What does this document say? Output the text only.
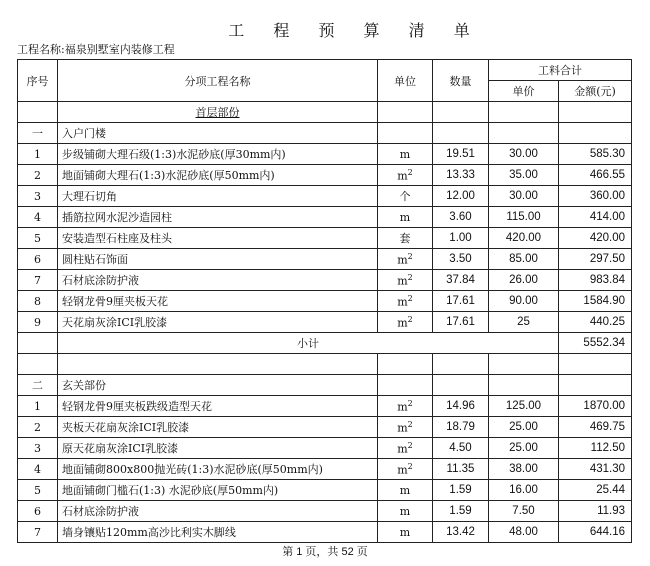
工 程 预 算 清 单
工程名称:福泉别墅室内装修工程
序号	分项工程名称	单位	数量	工料合计	
				单价	金额(元)
	首层部份				
一	入户门楼				
1	步级铺砌大理石级(1:3)水泥砂底(厚30mm内)	m	19.51	30.00	585.30
2	地面铺砌大理石(1:3)水泥砂底(厚50mm内)	$m^2$	13.33	35.00	466.55
3	大理石切角	个	12.00	30.00	360.00
4	插筋拉网水泥沙造园柱	m	3.60	115.00	414.00
5	安装造型石柱座及柱头	套	1.00	420.00	420.00
6	圆柱贴石饰面	$m^2$	3.50	85.00	297.50
7	石材底涂防护液	$m^2$	37.84	26.00	983.84
8	轻钢龙骨9厘夹板天花	$m^2$	17.61	90.00	1584.90
9	天花扇灰涂ICI乳胶漆	$m^2$	17.61	25	440.25
	小计				5552.34

二	玄关部份				
1	轻钢龙骨9厘夹板跌级造型天花	$m^2$	14.96	125.00	1870.00
2	夹板天花扇灰涂ICI乳胶漆	$m^2$	18.79	25.00	469.75
3	原天花扇灰涂ICI乳胶漆	$m^2$	4.50	25.00	112.50
4	地面铺砌800x800抛光砖(1:3)水泥砂底(厚50mm内)	$m^2$	11.35	38.00	431.30
5	地面铺砌门槛石(1:3) 水泥砂底(厚50mm内)	m	1.59	16.00	25.44
6	石材底涂防护液	m	1.59	7.50	11.93
7	墙身镶贴120mm高沙比利实木脚线	m	13.42	48.00	644.16
第 1 页，共 52 页
